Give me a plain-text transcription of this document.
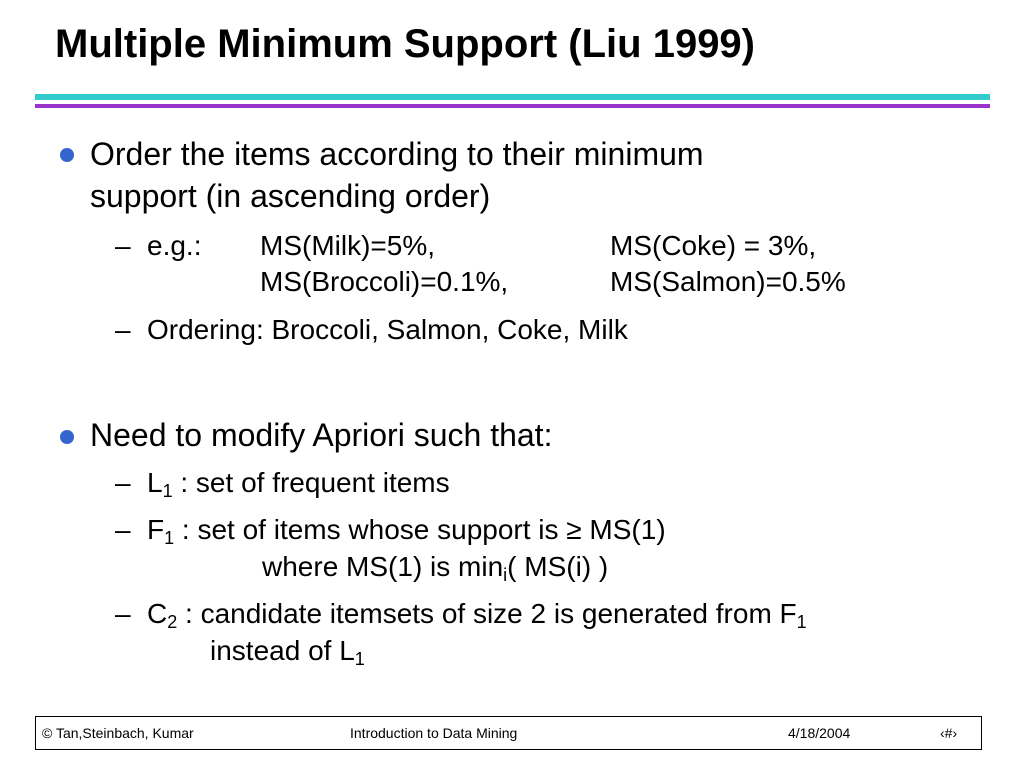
Multiple Minimum Support (Liu 1999)
Order the items according to their minimum
support (in ascending order)
– e.g.: MS(Milk)=5%,	MS(Coke) = 3%,
MS(Broccoli)=0.1%,	MS(Salmon)=0.5%
– Ordering: Broccoli, Salmon, Coke, Milk
Need to modify Apriori such that:
– $L_1$ : set of frequent items
– $F_1$ : set of items whose support is ≥ MS(1)
where MS(1) is $\min_i$( MS(i) )
– $C_2$ : candidate itemsets of size 2 is generated from $F_1$
instead of $L_1$
© Tan,Steinbach, Kumar	Introduction to Data Mining	4/18/2004	‹#›
